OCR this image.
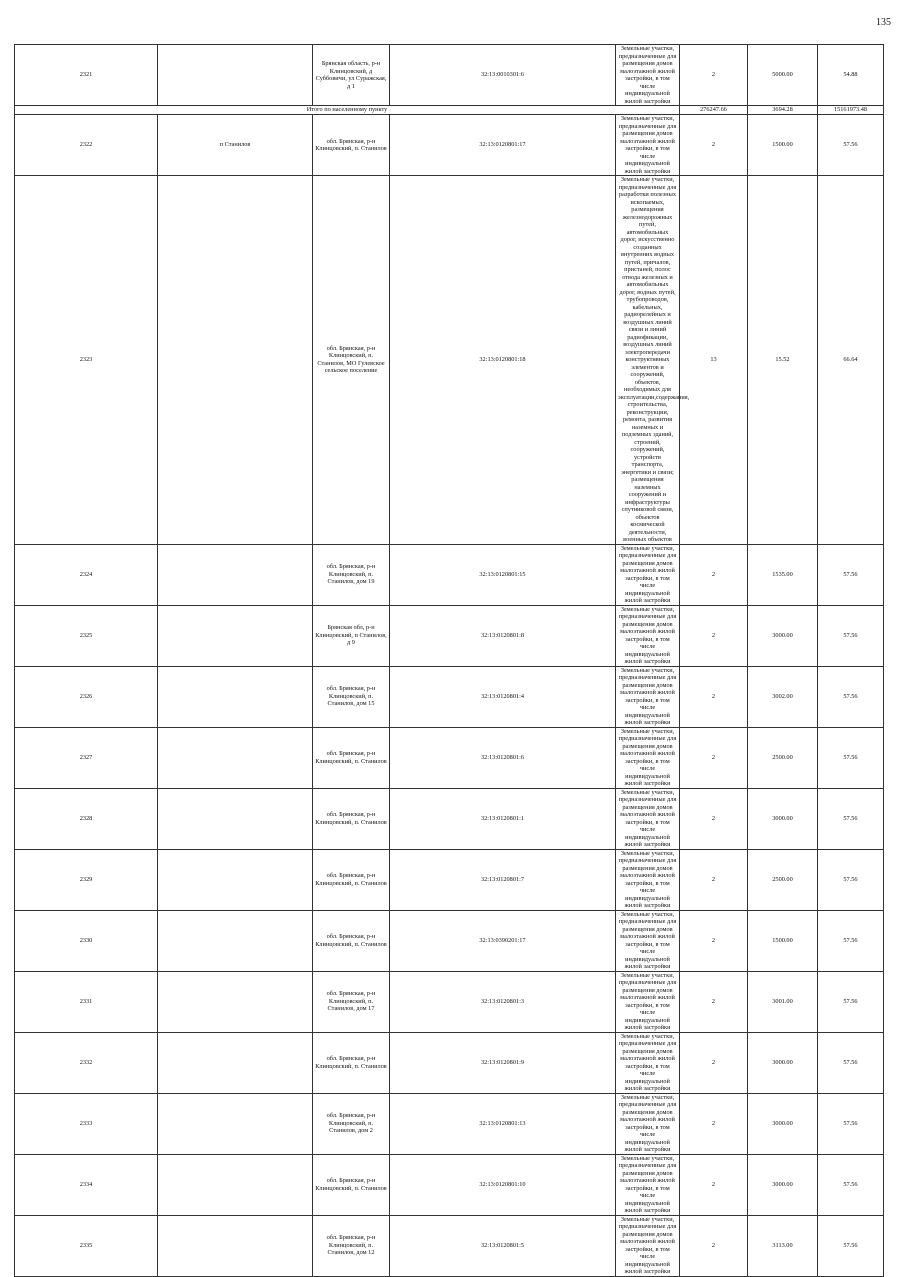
135
2321		Брянская область, р-н Клинцовский, д Суббовичи, ул Суражская, д 1	32:13:0010301:6	Земельные участки, предназначенные для размещения домов малоэтажной жилой застройки, в том числе индивидуальной жилой застройки	2	5000.00	54.88	
Итого по населенному пункту					276247.66	3694.28	15161973.48	
2322	п Станилов	обл. Брянская, р-н Клинцовский, п. Станилов	32:13:0120801:17	Земельные участки, предназначенные для размещения домов малоэтажной жилой застройки, в том числе индивидуальной жилой застройки	2	1500.00	57.56	
2323		обл. Брянская, р-н Клинцовский, п. Станилов, МО Гулевское сельское поселение	32:13:0120801:18	Земельные участки, предназначенные для разработки полезных ископаемых, размещения железнодорожных путей, автомобильных дорог, искусственно созданных внутренних водных путей, причалов, пристаней, полос отвода железных и автомобильных дорог, водных путей, трубопроводов, кабельных, радиорелейных и воздушных линий связи и линий радиофикации, воздушных линий электропередачи конструктивных элементов и сооружений, объектов, необходимых для эксплуатации,содержания, строительства, реконструкции, ремонта, развития наземных и подземных зданий, строений, сооружений, устройств транспорта, энергетики и связи; размещения наземных сооружений и инфраструктуры спутниковой связи, объектов космической деятельности, военных объектов	13	15.52	66.64	
2324		обл. Брянская, р-н Клинцовский, п. Станилов, дом 19	32:13:0120801:15	Земельные участки, предназначенные для размещения домов малоэтажной жилой застройки, в том числе индивидуальной жилой застройки	2	1535.00	57.56	
2325		Брянская обл, р-н Клинцовский, п Станилов, д 9	32:13:0120801:8	Земельные участки, предназначенные для размещения домов малоэтажной жилой застройки, в том числе индивидуальной жилой застройки	2	3000.00	57.56	
2326		обл. Брянская, р-н Клинцовский, п. Станилов, дом 15	32:13:0120801:4	Земельные участки, предназначенные для размещения домов малоэтажной жилой застройки, в том числе индивидуальной жилой застройки	2	3002.00	57.56	
2327		обл. Брянская, р-н Клинцовский, п. Станилов	32:13:0120801:6	Земельные участки, предназначенные для размещения домов малоэтажной жилой застройки, в том числе индивидуальной жилой застройки	2	2500.00	57.56	
2328		обл. Брянская, р-н Клинцовский, п. Станилов	32:13:0120801:1	Земельные участки, предназначенные для размещения домов малоэтажной жилой застройки, в том числе индивидуальной жилой застройки	2	3000.00	57.56	
2329		обл. Брянская, р-н Клинцовский, п. Станилов	32:13:0120801:7	Земельные участки, предназначенные для размещения домов малоэтажной жилой застройки, в том числе индивидуальной жилой застройки	2	2500.00	57.56	
2330		обл. Брянская, р-н Клинцовский, п. Станилов	32:13:0390201:17	Земельные участки, предназначенные для размещения домов малоэтажной жилой застройки, в том числе индивидуальной жилой застройки	2	1500.00	57.56	
2331		обл. Брянская, р-н Клинцовский, п. Станилов, дом 17	32:13:0120801:3	Земельные участки, предназначенные для размещения домов малоэтажной жилой застройки, в том числе индивидуальной жилой застройки	2	3001.00	57.56	
2332		обл. Брянская, р-н Клинцовский, п. Станилов	32:13:0120801:9	Земельные участки, предназначенные для размещения домов малоэтажной жилой застройки, в том числе индивидуальной жилой застройки	2	3000.00	57.56	
2333		обл. Брянская, р-н Клинцовский, п. Станилов, дом 2	32:13:0120801:13	Земельные участки, предназначенные для размещения домов малоэтажной жилой застройки, в том числе индивидуальной жилой застройки	2	3000.00	57.56	
2334		обл. Брянская, р-н Клинцовский, п. Станилов	32:13:0120801:10	Земельные участки, предназначенные для размещения домов малоэтажной жилой застройки, в том числе индивидуальной жилой застройки	2	3000.00	57.56	
2335		обл. Брянская, р-н Клинцовский, п. Станилов, дом 12	32:13:0120801:5	Земельные участки, предназначенные для размещения домов малоэтажной жилой застройки, в том числе индивидуальной жилой застройки	2	3113.00	57.56	
